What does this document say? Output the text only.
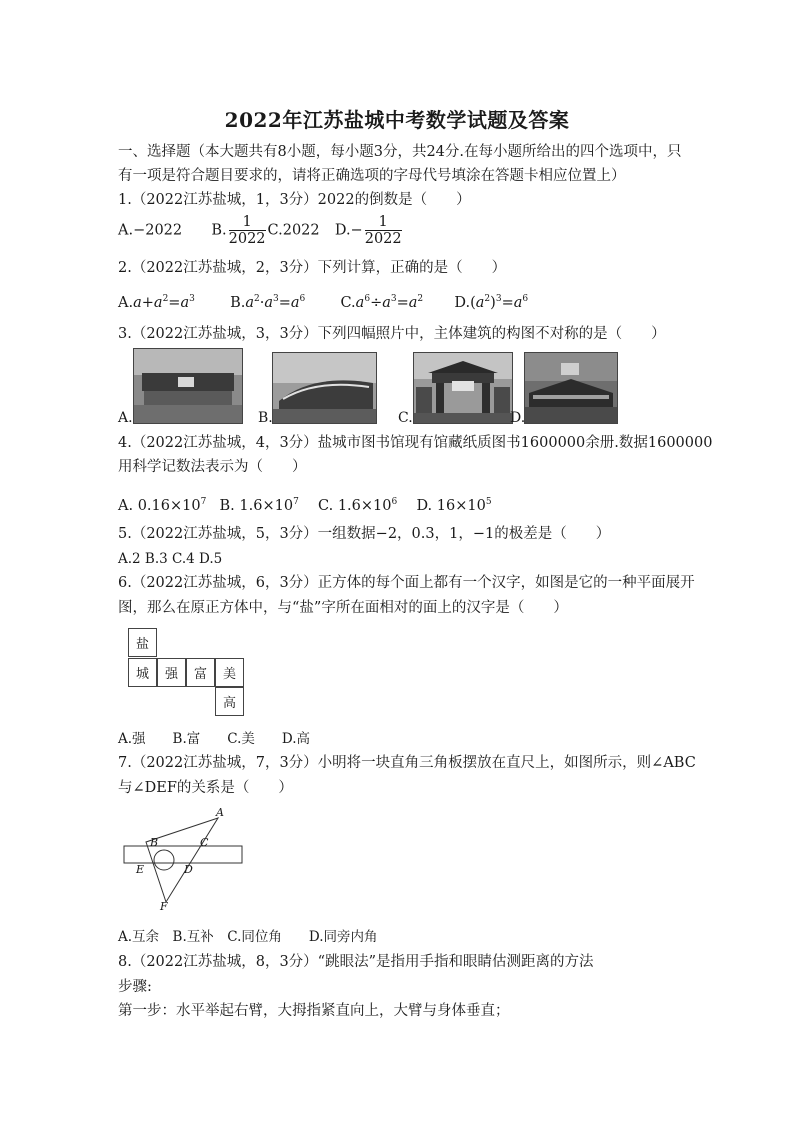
2022年江苏盐城中考数学试题及答案
一、选择题（本大题共有8小题，每小题3分，共24分.在每小题所给出的四个选项中，只
有一项是符合题目要求的，请将正确选项的字母代号填涂在答题卡相应位置上）
1.（2022江苏盐城，1，3分）2022的倒数是（　　）
A.−2022 B. $\frac{1}{2022} C.2022$ $D.- \frac{1}{2022}$
2.（2022江苏盐城，2，3分）下列计算，正确的是（　　）
$A.a+a^2=a^3$ $B.a^2\cdot a^3=a^6$ $C.a^6\div a^3=a^2$ $D.(a^2)^3=a^6$
3.（2022江苏盐城，3，3分）下列四幅照片中，主体建筑的构图不对称的是（　　）
A.	B.	C.	D.
4.（2022江苏盐城，4，3分）盐城市图书馆现有馆藏纸质图书1600000余册.数据1600000
用科学记数法表示为（　　）
A. $0.16\times 10^7$ B. $1.6\times 10^7$ C. $1.6\times 10^6$ D. $16\times 10^5$
5.（2022江苏盐城，5，3分）一组数据−2，0.3，1，−1的极差是（　　）
A.2 B.3 C.4 D.5
6.（2022江苏盐城，6，3分）正方体的每个面上都有一个汉字，如图是它的一种平面展开
图，那么在原正方体中，与“盐”字所在面相对的面上的汉字是（　　）
盐
城	强	富	美
高
A.强　　B.富　　C.美　　D.高
7.（2022江苏盐城，7，3分）小明将一块直角三角板摆放在直尺上，如图所示，则∠ABC
与∠DEF的关系是（　　）
A
B	C
D
E
F
A.互余　B.互补　C.同位角　　D.同旁内角
8.（2022江苏盐城，8，3分）“跳眼法”是指用手指和眼睛估测距离的方法
步骤:
第一步：水平举起右臂，大拇指紧直向上，大臂与身体垂直；
